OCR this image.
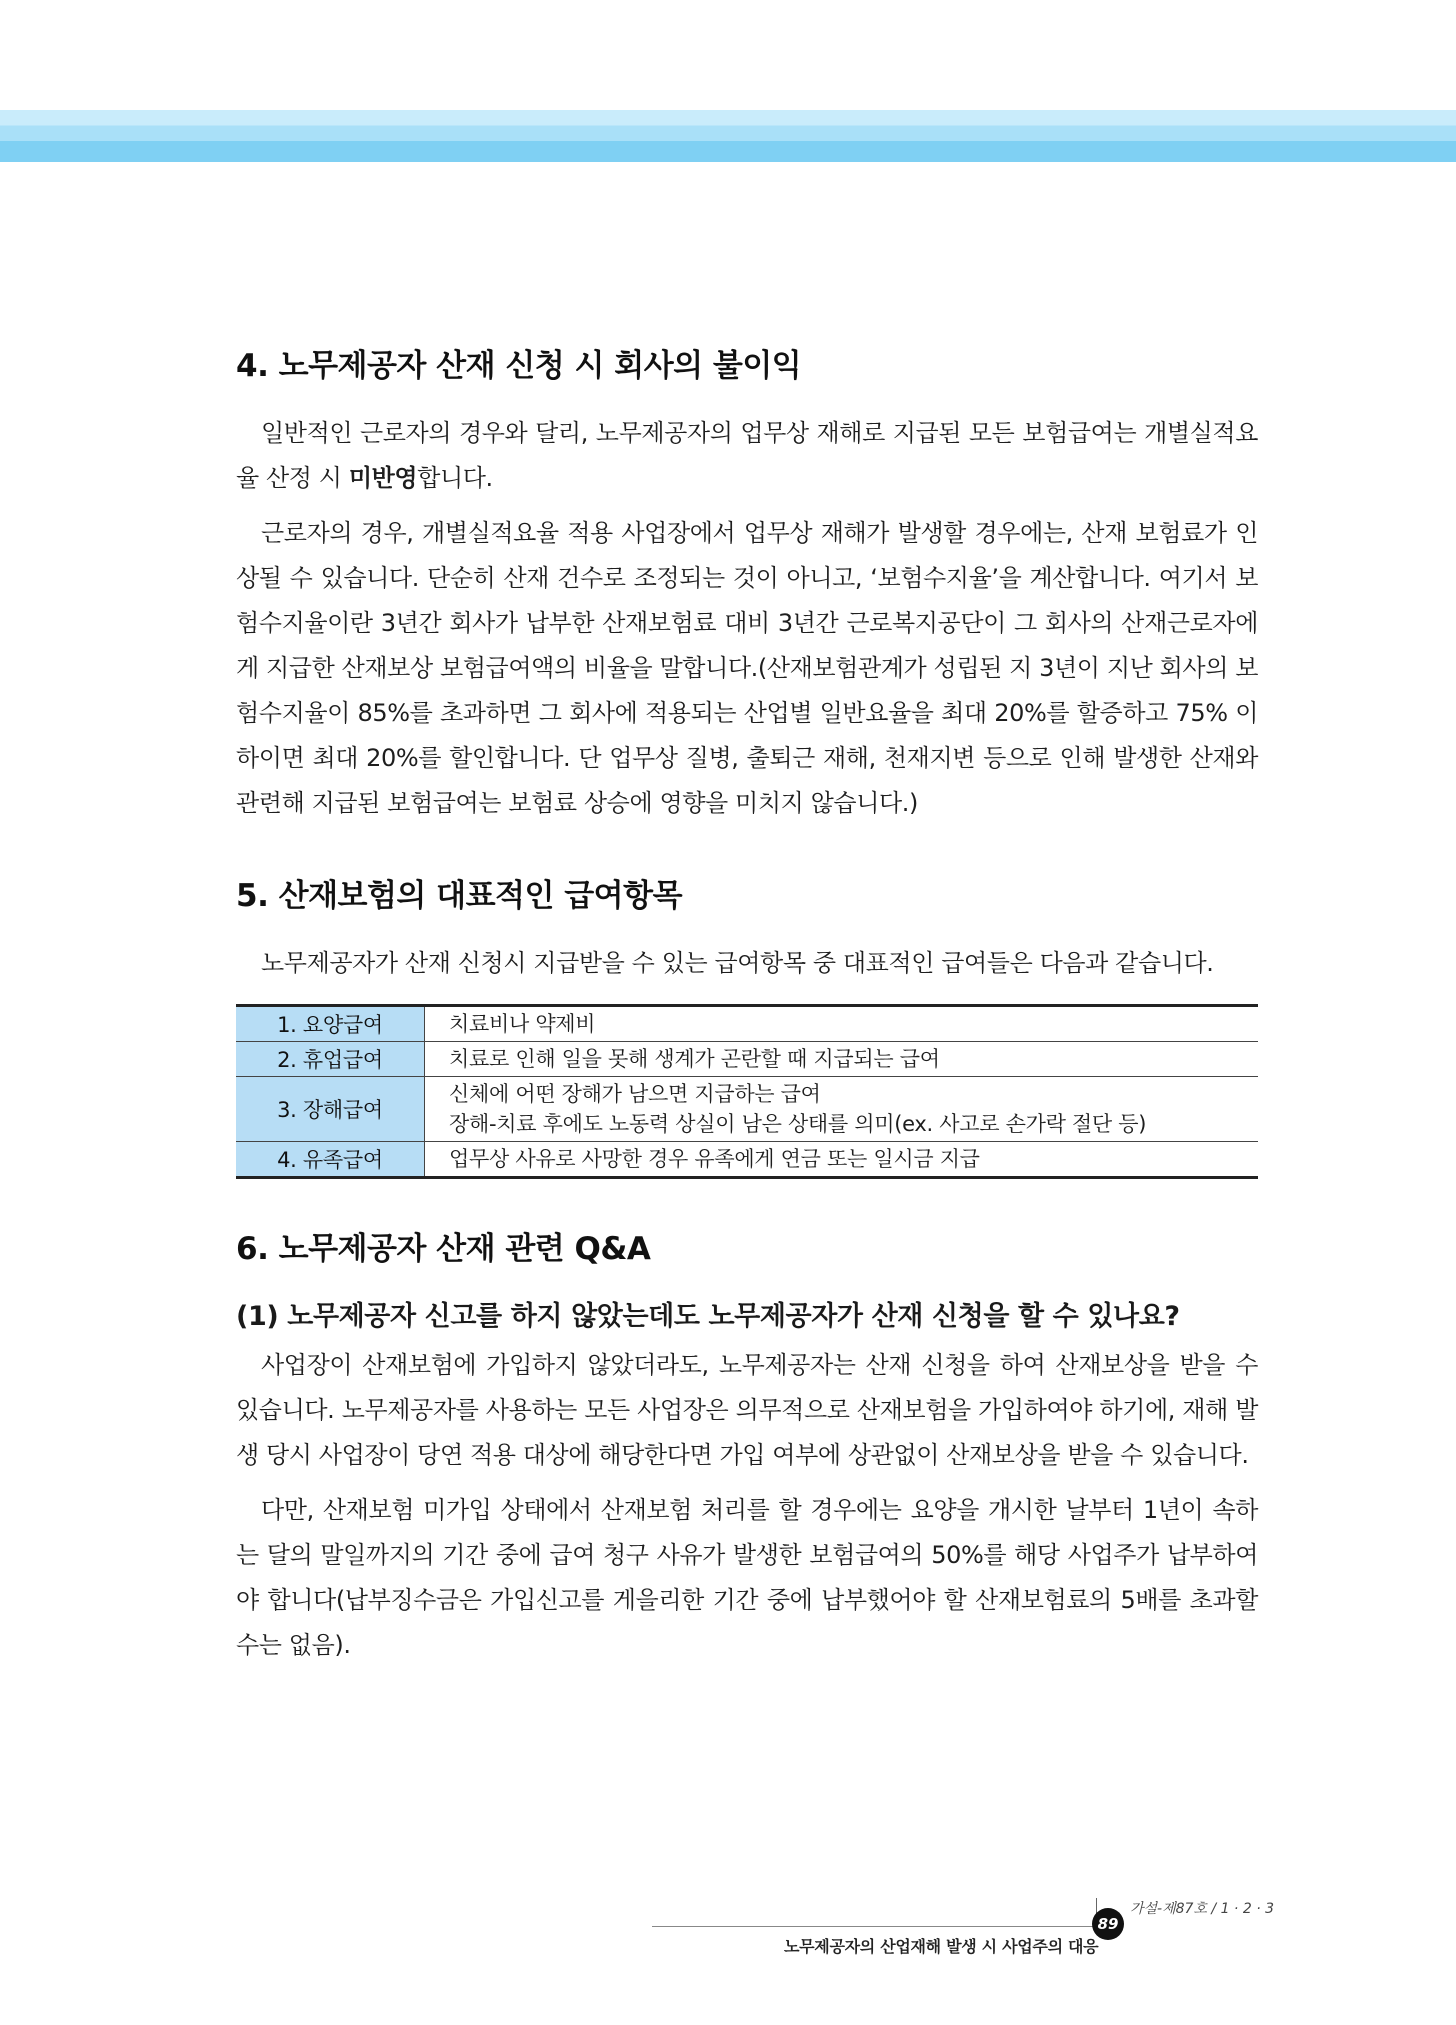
4. 노무제공자 산재 신청 시 회사의 불이익

일반적인 근로자의 경우와 달리, 노무제공자의 업무상 재해로 지급된 모든 보험급여는 개별실적요율 산정 시 미반영합니다.

근로자의 경우, 개별실적요율 적용 사업장에서 업무상 재해가 발생할 경우에는, 산재 보험료가 인상될 수 있습니다. 단순히 산재 건수로 조정되는 것이 아니고, ‘보험수지율’을 계산합니다. 여기서 보험수지율이란 3년간 회사가 납부한 산재보험료 대비 3년간 근로복지공단이 그 회사의 산재근로자에게 지급한 산재보상 보험급여액의 비율을 말합니다.(산재보험관계가 성립된 지 3년이 지난 회사의 보험수지율이 85%를 초과하면 그 회사에 적용되는 산업별 일반요율을 최대 20%를 할증하고 75% 이하이면 최대 20%를 할인합니다. 단 업무상 질병, 출퇴근 재해, 천재지변 등으로 인해 발생한 산재와 관련해 지급된 보험급여는 보험료 상승에 영향을 미치지 않습니다.)

5. 산재보험의 대표적인 급여항목

노무제공자가 산재 신청시 지급받을 수 있는 급여항목 중 대표적인 급여들은 다음과 같습니다.

1. 요양급여	치료비나 약제비

2. 휴업급여	치료로 인해 일을 못해 생계가 곤란할 때 지급되는 급여

3. 장해급여	신체에 어떤 장해가 남으면 지급하는 급여
장해-치료 후에도 노동력 상실이 남은 상태를 의미(ex. 사고로 손가락 절단 등)

4. 유족급여	업무상 사유로 사망한 경우 유족에게 연금 또는 일시금 지급
6. 노무제공자 산재 관련 Q&A
(1) 노무제공자 신고를 하지 않았는데도 노무제공자가 산재 신청을 할 수 있나요?

사업장이 산재보험에 가입하지 않았더라도, 노무제공자는 산재 신청을 하여 산재보상을 받을 수 있습니다. 노무제공자를 사용하는 모든 사업장은 의무적으로 산재보험을 가입하여야 하기에, 재해 발생 당시 사업장이 당연 적용 대상에 해당한다면 가입 여부에 상관없이 산재보상을 받을 수 있습니다.

다만, 산재보험 미가입 상태에서 산재보험 처리를 할 경우에는 요양을 개시한 날부터 1년이 속하는 달의 말일까지의 기간 중에 급여 청구 사유가 발생한 보험급여의 50%를 해당 사업주가 납부하여야 합니다(납부징수금은 가입신고를 게을리한 기간 중에 납부했어야 할 산재보험료의 5배를 초과할 수는 없음).

89
가설-제87호 / 1 · 2 · 3
노무제공자의 산업재해 발생 시 사업주의 대응
